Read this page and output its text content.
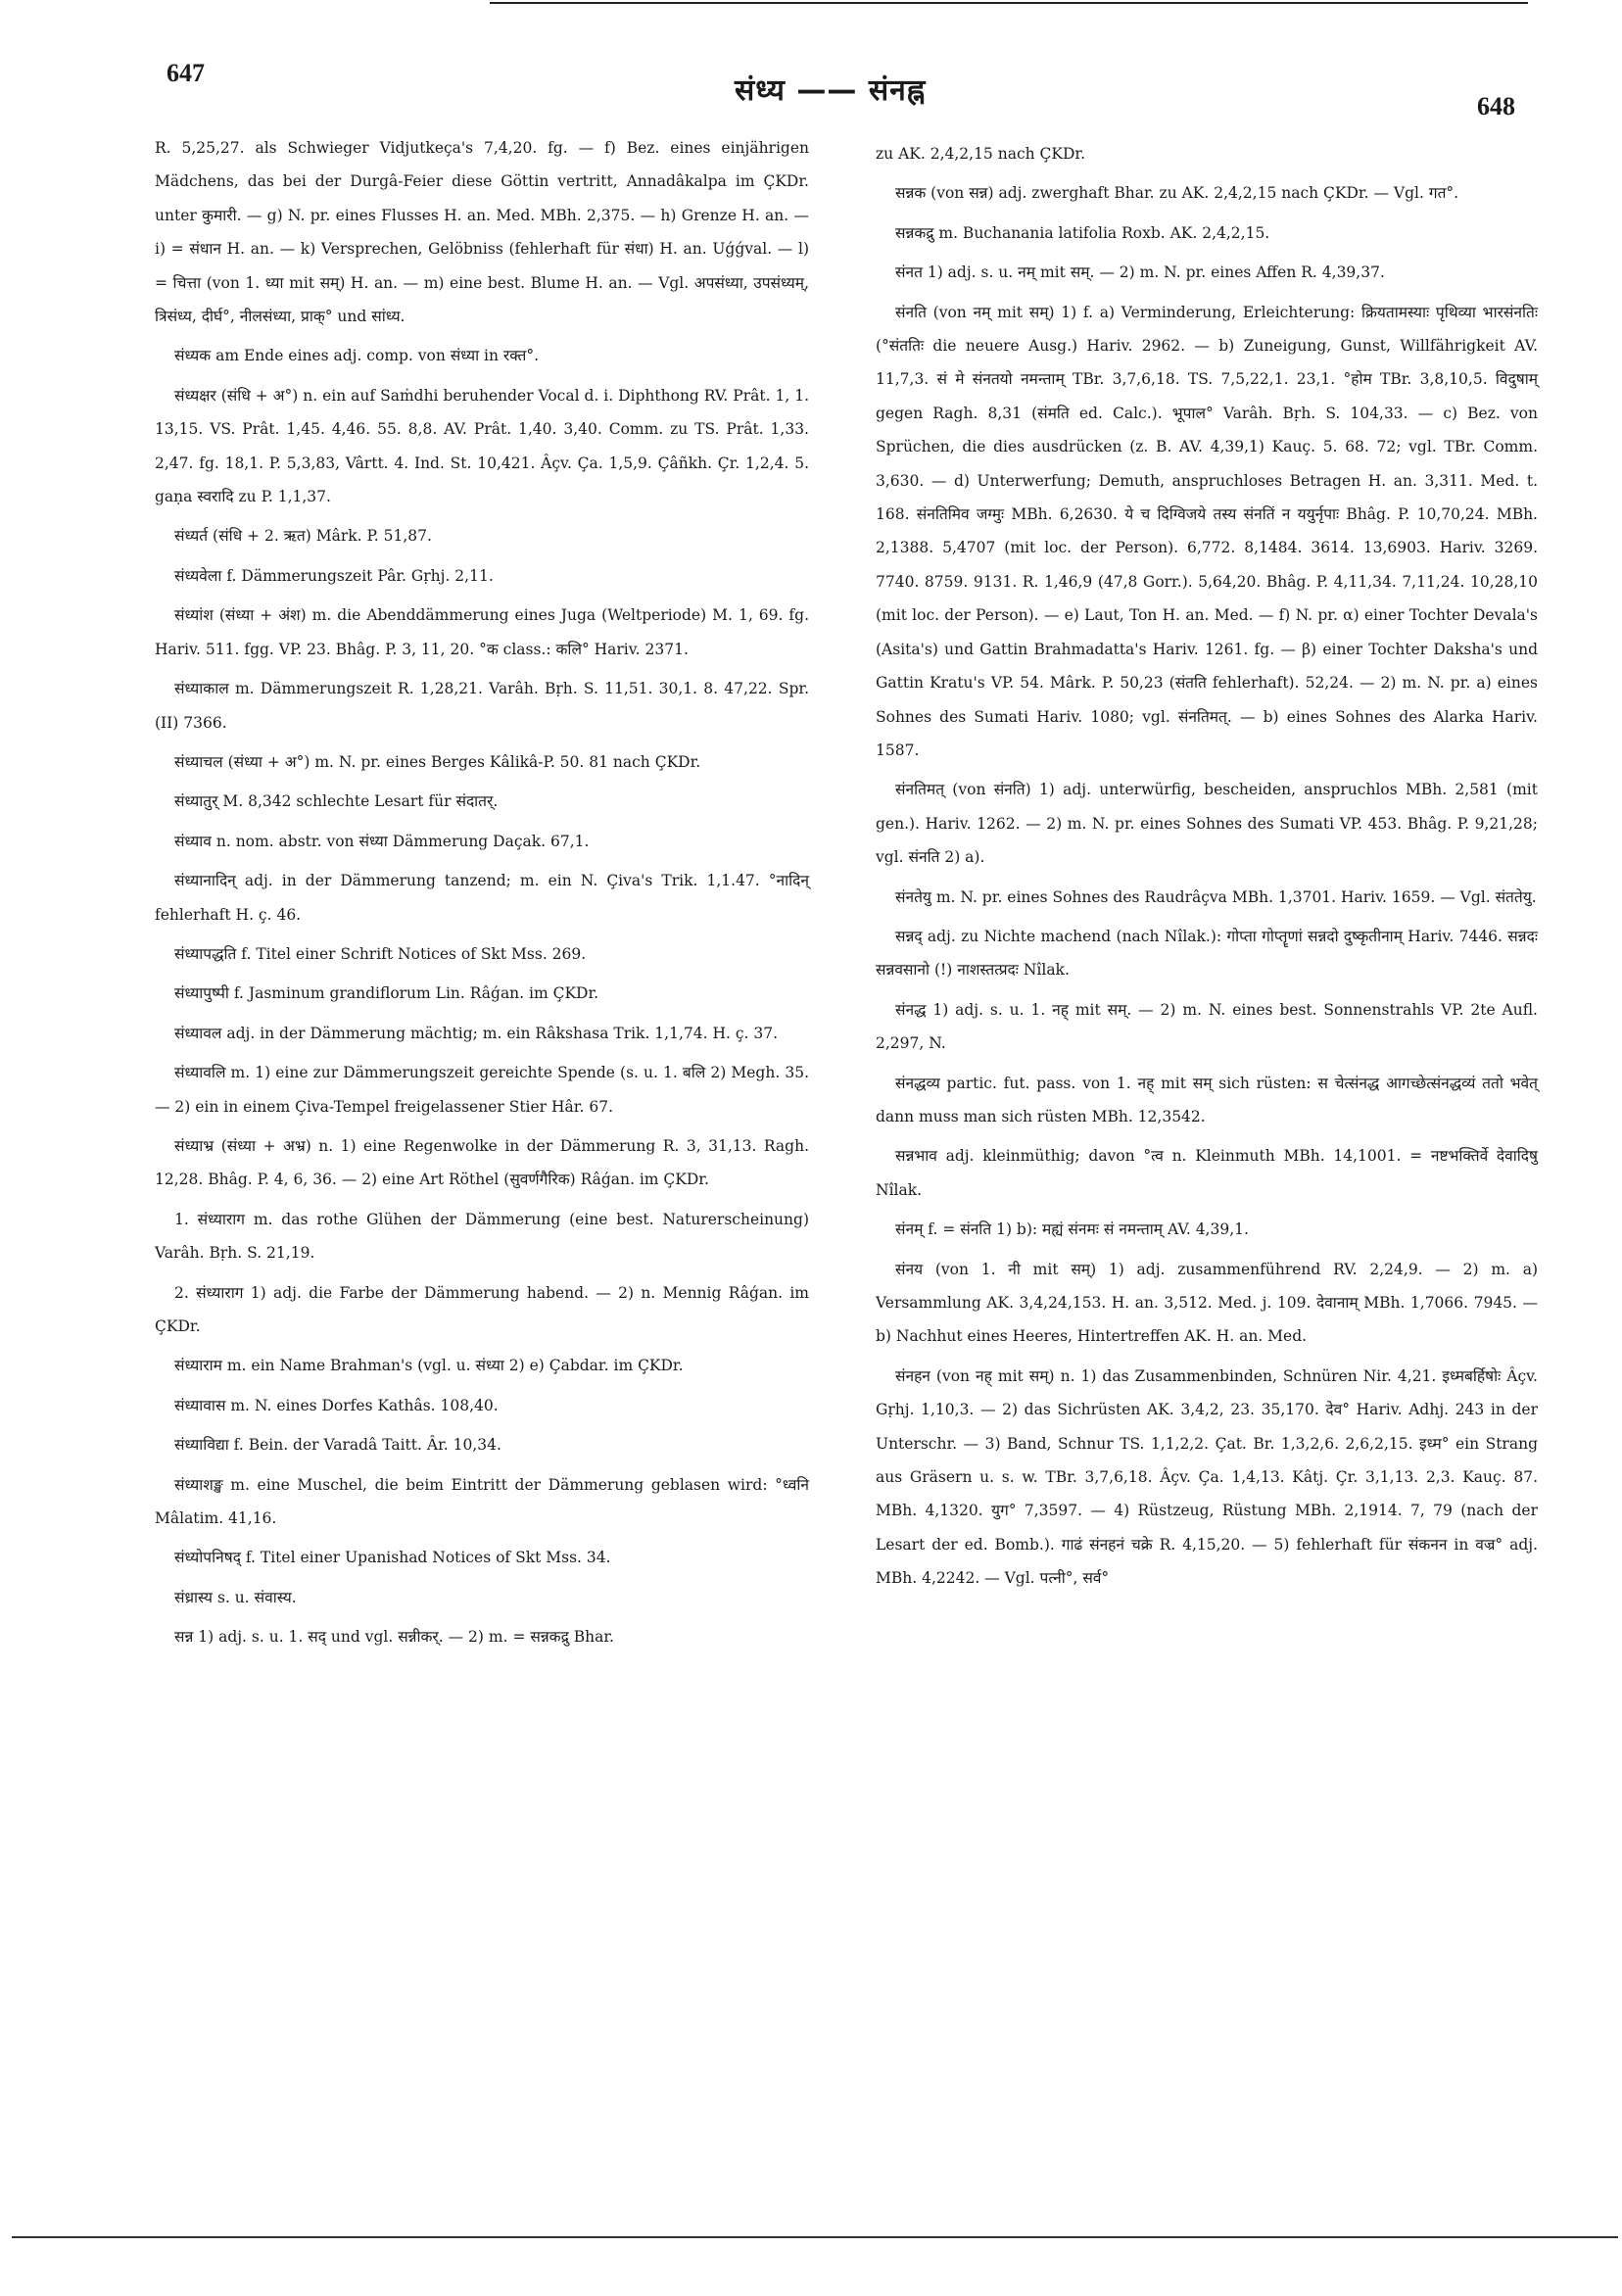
647
संध्य —— संनह्न	648

R. 5,25,27. als Schwieger Vidjutkeça's 7,4,20. fg. — f) Bez. eines einjährigen Mädchens, das bei der Durgâ-Feier diese Göttin vertritt, Annadâkalpa im ÇKDr. unter कुमारी. — g) N. pr. eines Flusses H. an. Med. MBh. 2,375. — h) Grenze H. an. — i) = संधान H. an. — k) Versprechen, Gelöbniss (fehlerhaft für संधा) H. an. Uǵǵval. — l) = चित्ता (von 1. ध्या mit सम्) H. an. — m) eine best. Blume H. an. — Vgl. अपसंध्या, उपसंध्यम्, त्रिसंध्य, दीर्घ°, नीलसंध्या, प्राक्° und सांध्य.

संध्यक am Ende eines adj. comp. von संध्या in रक्त°.

संध्यक्षर (संधि + अ°) n. ein auf Saṁdhi beruhender Vocal d. i. Diphthong RV. Prât. 1, 1. 13,15. VS. Prât. 1,45. 4,46. 55. 8,8. AV. Prât. 1,40. 3,40. Comm. zu TS. Prât. 1,33. 2,47. fg. 18,1. P. 5,3,83, Vârtt. 4. Ind. St. 10,421. Âçv. Ça. 1,5,9. Çâñkh. Çr. 1,2,4. 5. gaṇa स्वरादि zu P. 1,1,37.

संध्यर्त (संधि + 2. ऋत) Mârk. P. 51,87.

संध्यवेला f. Dämmerungszeit Pâr. Gṛhj. 2,11.

संध्यांश (संध्या + अंश) m. die Abenddämmerung eines Juga (Weltperiode) M. 1, 69. fg. Hariv. 511. fgg. VP. 23. Bhâg. P. 3, 11, 20. °क class.: कलि° Hariv. 2371.

संध्याकाल m. Dämmerungszeit R. 1,28,21. Varâh. Bṛh. S. 11,51. 30,1. 8. 47,22. Spr. (II) 7366.

संध्याचल (संध्या + अ°) m. N. pr. eines Berges Kâlikâ-P. 50. 81 nach ÇKDr.

संध्यातुर् M. 8,342 schlechte Lesart für संदातर्.

संध्याव n. nom. abstr. von संध्या Dämmerung Daçak. 67,1.

संध्यानादिन् adj. in der Dämmerung tanzend; m. ein N. Çiva's Trik. 1,1.47. °नादिन् fehlerhaft H. ç. 46.

संध्यापद्धति f. Titel einer Schrift Notices of Skt Mss. 269.

संध्यापुष्पी f. Jasminum grandiflorum Lin. Râǵan. im ÇKDr.

संध्यावल adj. in der Dämmerung mächtig; m. ein Râkshasa Trik. 1,1,74. H. ç. 37.

संध्यावलि m. 1) eine zur Dämmerungszeit gereichte Spende (s. u. 1. बलि 2) Megh. 35. — 2) ein in einem Çiva-Tempel freigelassener Stier Hâr. 67.

संध्याभ्र (संध्या + अभ्र) n. 1) eine Regenwolke in der Dämmerung R. 3, 31,13. Ragh. 12,28. Bhâg. P. 4, 6, 36. — 2) eine Art Röthel (सुवर्णगैरिक) Râǵan. im ÇKDr.

1. संध्याराग m. das rothe Glühen der Dämmerung (eine best. Naturerscheinung) Varâh. Bṛh. S. 21,19.

2. संध्याराग 1) adj. die Farbe der Dämmerung habend. — 2) n. Mennig Râǵan. im ÇKDr.

संध्याराम m. ein Name Brahman's (vgl. u. संध्या 2) e) Çabdar. im ÇKDr.

संध्यावास m. N. eines Dorfes Kathâs. 108,40.

संध्याविद्या f. Bein. der Varadâ Taitt. Âr. 10,34.

संध्याशङ्ख m. eine Muschel, die beim Eintritt der Dämmerung geblasen wird: °ध्वनि Mâlatim. 41,16.

संध्योपनिषद् f. Titel einer Upanishad Notices of Skt Mss. 34.

संध्रास्य s. u. संवास्य.

सन्न 1) adj. s. u. 1. सद् und vgl. सन्नीकर्. — 2) m. = सन्नकद्रु Bhar.

zu AK. 2,4,2,15 nach ÇKDr.

सन्नक (von सन्न) adj. zwerghaft Bhar. zu AK. 2,4,2,15 nach ÇKDr. — Vgl. गत°.

सन्नकद्रु m. Buchanania latifolia Roxb. AK. 2,4,2,15.

संनत 1) adj. s. u. नम् mit सम्. — 2) m. N. pr. eines Affen R. 4,39,37.

संनति (von नम् mit सम्) 1) f. a) Verminderung, Erleichterung: क्रियतामस्याः पृथिव्या भारसंनतिः (°संततिः die neuere Ausg.) Hariv. 2962. — b) Zuneigung, Gunst, Willfährigkeit AV. 11,7,3. सं मे संनतयो नमन्ताम् TBr. 3,7,6,18. TS. 7,5,22,1. 23,1. °होम TBr. 3,8,10,5. विदुषाम् gegen Ragh. 8,31 (संमति ed. Calc.). भूपाल° Varâh. Bṛh. S. 104,33. — c) Bez. von Sprüchen, die dies ausdrücken (z. B. AV. 4,39,1) Kauç. 5. 68. 72; vgl. TBr. Comm. 3,630. — d) Unterwerfung; Demuth, anspruchloses Betragen H. an. 3,311. Med. t. 168. संनतिमिव जग्मुः MBh. 6,2630. ये च दिग्विजये तस्य संनतिं न ययुर्नृपाः Bhâg. P. 10,70,24. MBh. 2,1388. 5,4707 (mit loc. der Person). 6,772. 8,1484. 3614. 13,6903. Hariv. 3269. 7740. 8759. 9131. R. 1,46,9 (47,8 Gorr.). 5,64,20. Bhâg. P. 4,11,34. 7,11,24. 10,28,10 (mit loc. der Person). — e) Laut, Ton H. an. Med. — f) N. pr. α) einer Tochter Devala's (Asita's) und Gattin Brahmadatta's Hariv. 1261. fg. — β) einer Tochter Daksha's und Gattin Kratu's VP. 54. Mârk. P. 50,23 (संतति fehlerhaft). 52,24. — 2) m. N. pr. a) eines Sohnes des Sumati Hariv. 1080; vgl. संनतिमत्. — b) eines Sohnes des Alarka Hariv. 1587.

संनतिमत् (von संनति) 1) adj. unterwürfig, bescheiden, anspruchlos MBh. 2,581 (mit gen.). Hariv. 1262. — 2) m. N. pr. eines Sohnes des Sumati VP. 453. Bhâg. P. 9,21,28; vgl. संनति 2) a).

संनतेयु m. N. pr. eines Sohnes des Raudrâçva MBh. 1,3701. Hariv. 1659. — Vgl. संततेयु.

सन्नद् adj. zu Nichte machend (nach Nîlak.): गोप्ता गोप्तॄणां सन्नदो दुष्कृतीनाम् Hariv. 7446. सन्नदः सन्नवसानो (!) नाशस्तत्प्रदः Nîlak.

संनद्ध 1) adj. s. u. 1. नह् mit सम्. — 2) m. N. eines best. Sonnenstrahls VP. 2te Aufl. 2,297, N.

संनद्धव्य partic. fut. pass. von 1. नह् mit सम् sich rüsten: स चेत्संनद्ध आगच्छेत्संनद्धव्यं ततो भवेत् dann muss man sich rüsten MBh. 12,3542.

सन्नभाव adj. kleinmüthig; davon °त्व n. Kleinmuth MBh. 14,1001. = नष्टभक्तिर्वे देवादिषु Nîlak.

संनम् f. = संनति 1) b): मह्यं संनमः सं नमन्ताम् AV. 4,39,1.

संनय (von 1. नी mit सम्) 1) adj. zusammenführend RV. 2,24,9. — 2) m. a) Versammlung AK. 3,4,24,153. H. an. 3,512. Med. j. 109. देवानाम् MBh. 1,7066. 7945. — b) Nachhut eines Heeres, Hintertreffen AK. H. an. Med.

संनहन (von नह् mit सम्) n. 1) das Zusammenbinden, Schnüren Nir. 4,21. इध्मबर्हिषोः Âçv. Gṛhj. 1,10,3. — 2) das Sichrüsten AK. 3,4,2, 23. 35,170. देव° Hariv. Adhj. 243 in der Unterschr. — 3) Band, Schnur TS. 1,1,2,2. Çat. Br. 1,3,2,6. 2,6,2,15. इध्म° ein Strang aus Gräsern u. s. w. TBr. 3,7,6,18. Âçv. Ça. 1,4,13. Kâtj. Çr. 3,1,13. 2,3. Kauç. 87. MBh. 4,1320. युग° 7,3597. — 4) Rüstzeug, Rüstung MBh. 2,1914. 7, 79 (nach der Lesart der ed. Bomb.). गाढं संनहनं चक्रे R. 4,15,20. — 5) fehlerhaft für संकनन in वज्र° adj. MBh. 4,2242. — Vgl. पत्नी°, सर्व°
